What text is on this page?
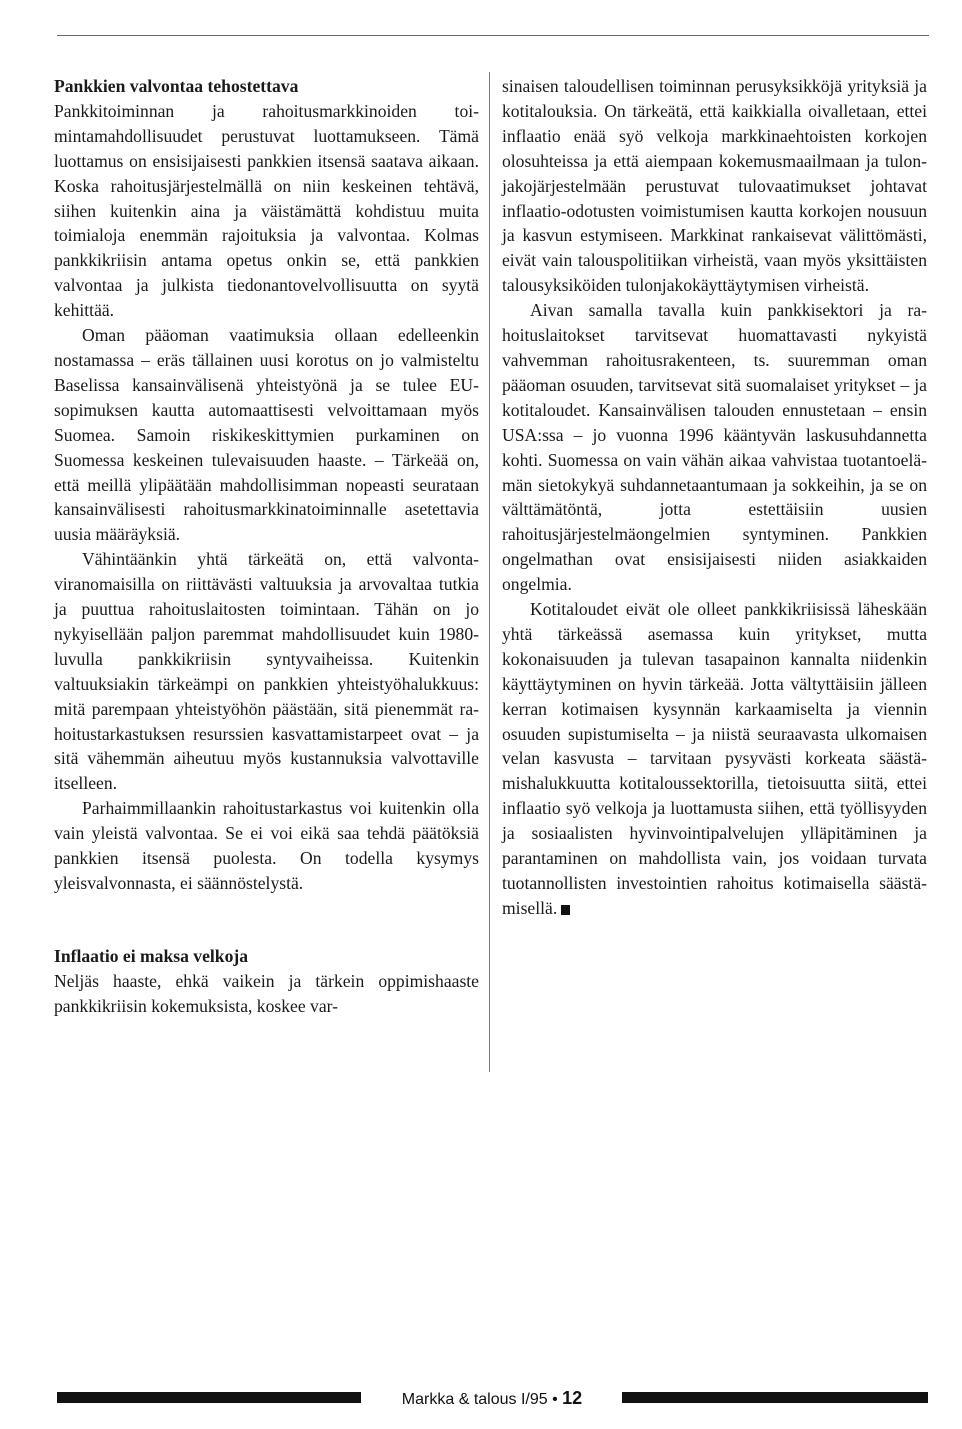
Pankkien valvontaa tehostettava

Pankkitoiminnan ja rahoitusmarkkinoiden toimintamahdollisuudet perustuvat luottamukseen. Tämä luottamus on ensisijaisesti pankkien itsensä saatava aikaan. Koska rahoitusjärjestelmällä on niin keskeinen tehtävä, siihen kuitenkin aina ja väistämättä kohdistuu muita toimialoja enemmän rajoituksia ja valvontaa. Kolmas pankkikriisin antama opetus onkin se, että pankkien valvontaa ja julkista tiedonantovelvollisuutta on syytä kehittää.

Oman pääoman vaatimuksia ollaan edelleenkin nostamassa – eräs tällainen uusi korotus on jo valmisteltu Baselissa kansainvälisenä yhteistyönä ja se tulee EU-sopimuksen kautta automaattisesti velvoittamaan myös Suomea. Samoin riskikeskittymien purkaminen on Suomessa keskeinen tulevaisuuden haaste. – Tärkeää on, että meillä ylipäätään mahdollisimman nopeasti seurataan kansainvälisesti rahoitusmarkkinatoiminnalle asetettavia uusia määräyksiä.

Vähintäänkin yhtä tärkeätä on, että valvontaviranomaisilla on riittävästi valtuuksia ja arvovaltaa tutkia ja puuttua rahoituslaitosten toimintaan. Tähän on jo nykyisellään paljon paremmat mahdollisuudet kuin 1980-luvulla pankkikriisin syntyvaiheissa. Kuitenkin valtuuksiakin tärkeämpi on pankkien yhteistyöhalukkuus: mitä parempaan yhteistyöhön päästään, sitä pienemmät rahoitustarkastuksen resurssien kasvattamistarpeet ovat – ja sitä vähemmän aiheutuu myös kustannuksia valvottaville itselleen.

Parhaimmillaankin rahoitustarkastus voi kuitenkin olla vain yleistä valvontaa. Se ei voi eikä saa tehdä päätöksiä pankkien itsensä puolesta. On todella kysymys yleisvalvonnasta, ei säännöstelystä.

Inflaatio ei maksa velkoja

Neljäs haaste, ehkä vaikein ja tärkein oppimishaaste pankkikriisin kokemuksista, koskee var-

sinaisen taloudellisen toiminnan perusyksikköjä yrityksiä ja kotitalouksia. On tärkeätä, että kaikkialla oivalletaan, ettei inflaatio enää syö velkoja markkinaehtoisten korkojen olosuhteissa ja että aiempaan kokemusmaailmaan ja tulonjakojärjestelmään perustuvat tulovaatimukset johtavat inflaatio-odotusten voimistumisen kautta korkojen nousuun ja kasvun estymiseen. Markkinat rankaisevat välittömästi, eivät vain talouspolitiikan virheistä, vaan myös yksittäisten talousyksiköiden tulonjakokäyttäytymisen virheistä.

Aivan samalla tavalla kuin pankkisektori ja rahoituslaitokset tarvitsevat huomattavasti nykyistä vahvemman rahoitusrakenteen, ts. suuremman oman pääoman osuuden, tarvitsevat sitä suomalaiset yritykset – ja kotitaloudet. Kansainvälisen talouden ennustetaan – ensin USA:ssa – jo vuonna 1996 kääntyvän laskusuhdannetta kohti. Suomessa on vain vähän aikaa vahvistaa tuotantoelämän sietokykyä suhdannetaantumaan ja sokkeihin, ja se on välttämätöntä, jotta estettäisiin uusien rahoitusjärjestelmäongelmien syntyminen. Pankkien ongelmathan ovat ensisijaisesti niiden asiakkaiden ongelmia.

Kotitaloudet eivät ole olleet pankkikriisissä läheskään yhtä tärkeässä asemassa kuin yritykset, mutta kokonaisuuden ja tulevan tasapainon kannalta niidenkin käyttäytyminen on hyvin tärkeää. Jotta vältyttäisiin jälleen kerran kotimaisen kysynnän karkaamiselta ja viennin osuuden supistumiselta – ja niistä seuraavasta ulkomaisen velan kasvusta – tarvitaan pysyvästi korkeata säästämishalukkuutta kotitaloussektorilla, tietoisuutta siitä, ettei inflaatio syö velkoja ja luottamusta siihen, että työllisyyden ja sosiaalisten hyvinvointipalvelujen ylläpitäminen ja parantaminen on mahdollista vain, jos voidaan turvata tuotannollisten investointien rahoitus kotimaisella säästämisellä.

Markka & talous I/95 • 12
